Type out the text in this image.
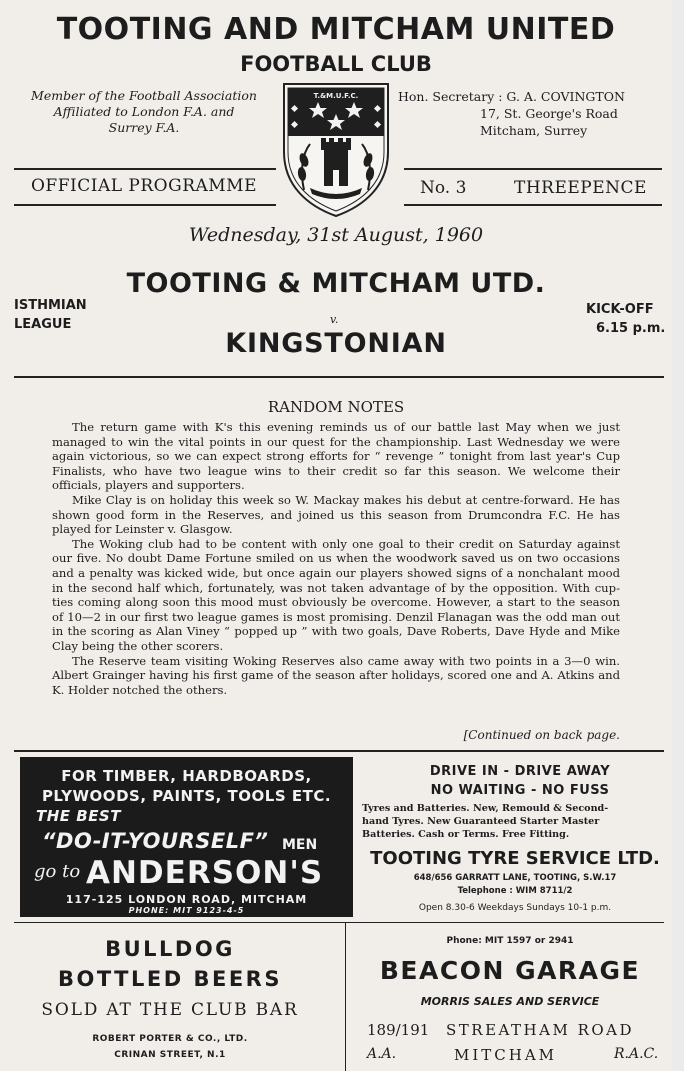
TOOTING AND MITCHAM UNITED
FOOTBALL CLUB
Member of the Football Association
Affiliated to London F.A. and
Surrey F.A.
Hon. Secretary : G. A. COVINGTON
17, St. George's Road
Mitcham, Surrey
T.&M.U.F.C.
OFFICIAL PROGRAMME	No. 3	THREEPENCE
Wednesday, 31st August, 1960
TOOTING & MITCHAM UTD.
v.
KINGSTONIAN
ISTHMIAN
LEAGUE
KICK-OFF
6.15 p.m.
RANDOM NOTES

The return game with K's this evening reminds us of our battle last May when we just managed to win the vital points in our quest for the championship. Last Wednesday we were again victorious, so we can expect strong efforts for “ revenge ” tonight from last year's Cup Finalists, who have two league wins to their credit so far this season. We welcome their officials, players and supporters.

Mike Clay is on holiday this week so W. Mackay makes his debut at centre-forward. He has shown good form in the Reserves, and joined us this season from Drumcondra F.C. He has played for Leinster v. Glasgow.

The Woking club had to be content with only one goal to their credit on Saturday against our five. No doubt Dame Fortune smiled on us when the woodwork saved us on two occasions and a penalty was kicked wide, but once again our players showed signs of a nonchalant mood in the second half which, fortunately, was not taken advantage of by the opposition. With cup-ties coming along soon this mood must obviously be overcome. However, a start to the season of 10—2 in our first two league games is most promising. Denzil Flanagan was the odd man out in the scoring as Alan Viney “ popped up ” with two goals, Dave Roberts, Dave Hyde and Mike Clay being the other scorers.

The Reserve team visiting Woking Reserves also came away with two points in a 3—0 win. Albert Grainger having his first game of the season after holidays, scored one and A. Atkins and K. Holder notched the others.

[Continued on back page.
FOR TIMBER, HARDBOARDS,
PLYWOODS, PAINTS, TOOLS ETC.
THE BEST
“DO-IT-YOURSELF” MEN
go to ANDERSON'S
117-125 LONDON ROAD, MITCHAM
PHONE: MIT 9123-4-5
DRIVE IN - DRIVE AWAY
NO WAITING - NO FUSS
Tyres and Batteries. New, Remould & Second-
hand Tyres. New Guaranteed Starter Master
Batteries. Cash or Terms. Free Fitting.
TOOTING TYRE SERVICE LTD.
648/656 GARRATT LANE, TOOTING, S.W.17
Telephone : WIM 8711/2
Open 8.30-6 Weekdays Sundays 10-1 p.m.
BULLDOG
BOTTLED BEERS
SOLD AT THE CLUB BAR
ROBERT PORTER & CO., LTD.
CRINAN STREET, N.1
Phone: MIT 1597 or 2941
BEACON GARAGE
MORRIS SALES AND SERVICE
189/191 STREATHAM ROAD
A.A.	MITCHAM	R.A.C.
